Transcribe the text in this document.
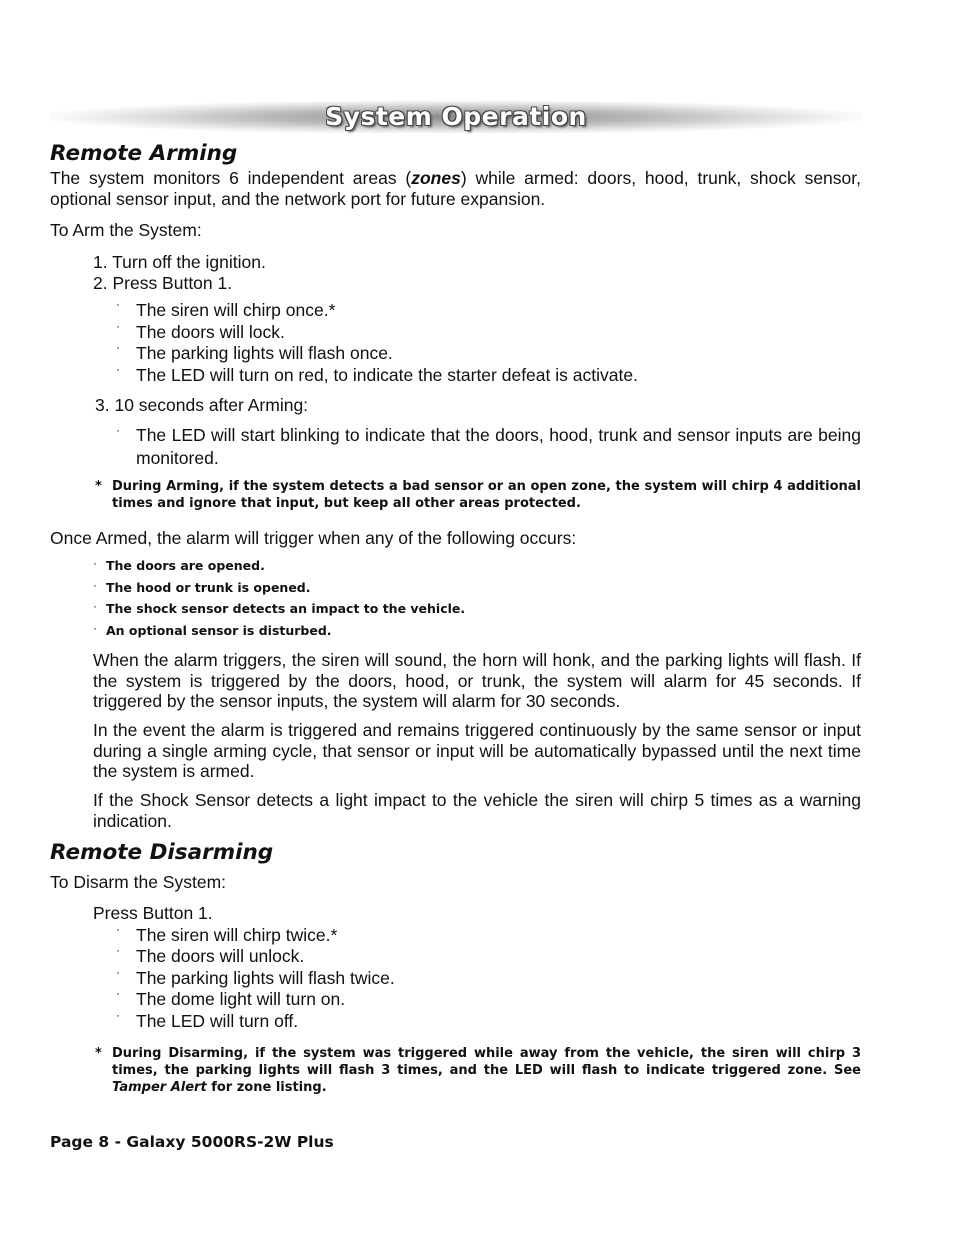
System Operation
Remote Arming
The system monitors 6 independent areas (zones) while armed: doors, hood, trunk, shock sensor, optional sensor input, and the network port for future expansion.
To Arm the System:
1. Turn off the ignition.
2. Press Button 1.
· The siren will chirp once.*
· The doors will lock.
· The parking lights will flash once.
· The LED will turn on red, to indicate the starter defeat is activate.
3. 10 seconds after Arming:
· The LED will start blinking to indicate that the doors, hood, trunk and sensor inputs are being monitored.
* During Arming, if the system detects a bad sensor or an open zone, the system will chirp 4 additional times and ignore that input, but keep all other areas protected.
Once Armed, the alarm will trigger when any of the following occurs:
· The doors are opened.
· The hood or trunk is opened.
· The shock sensor detects an impact to the vehicle.
· An optional sensor is disturbed.
When the alarm triggers, the siren will sound, the horn will honk, and the parking lights will flash. If the system is triggered by the doors, hood, or trunk, the system will alarm for 45 seconds. If triggered by the sensor inputs, the system will alarm for 30 seconds.
In the event the alarm is triggered and remains triggered continuously by the same sensor or input during a single arming cycle, that sensor or input will be automatically bypassed until the next time the system is armed.
If the Shock Sensor detects a light impact to the vehicle the siren will chirp 5 times as a warning indication.
Remote Disarming
To Disarm the System:
Press Button 1.
· The siren will chirp twice.*
· The doors will unlock.
· The parking lights will flash twice.
· The dome light will turn on.
· The LED will turn off.
* During Disarming, if the system was triggered while away from the vehicle, the siren will chirp 3 times, the parking lights will flash 3 times, and the LED will flash to indicate triggered zone. See Tamper Alert for zone listing.
Page 8 - Galaxy 5000RS-2W Plus
